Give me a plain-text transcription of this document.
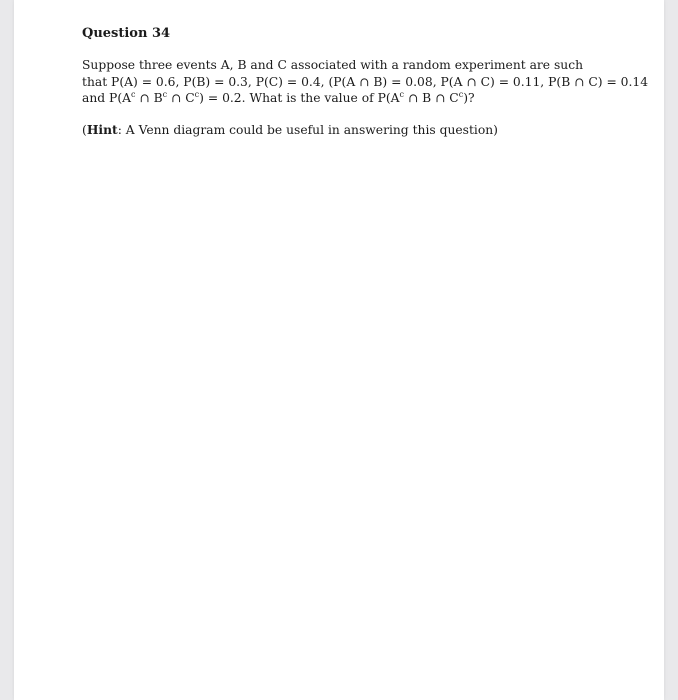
Question 34

Suppose three events A, B and C associated with a random experiment are such
that P(A) = 0.6, P(B) = 0.3, P(C) = 0.4, (P(A ∩ B) = 0.08, P(A ∩ C) = 0.11, P(B ∩ C) = 0.14
and $P(A^c$ ∩ $B^c$ ∩ $C^c) = 0.2$. What is the value of $P(A^c$ ∩ B ∩ $C^c$)?

(Hint: A Venn diagram could be useful in answering this question)
